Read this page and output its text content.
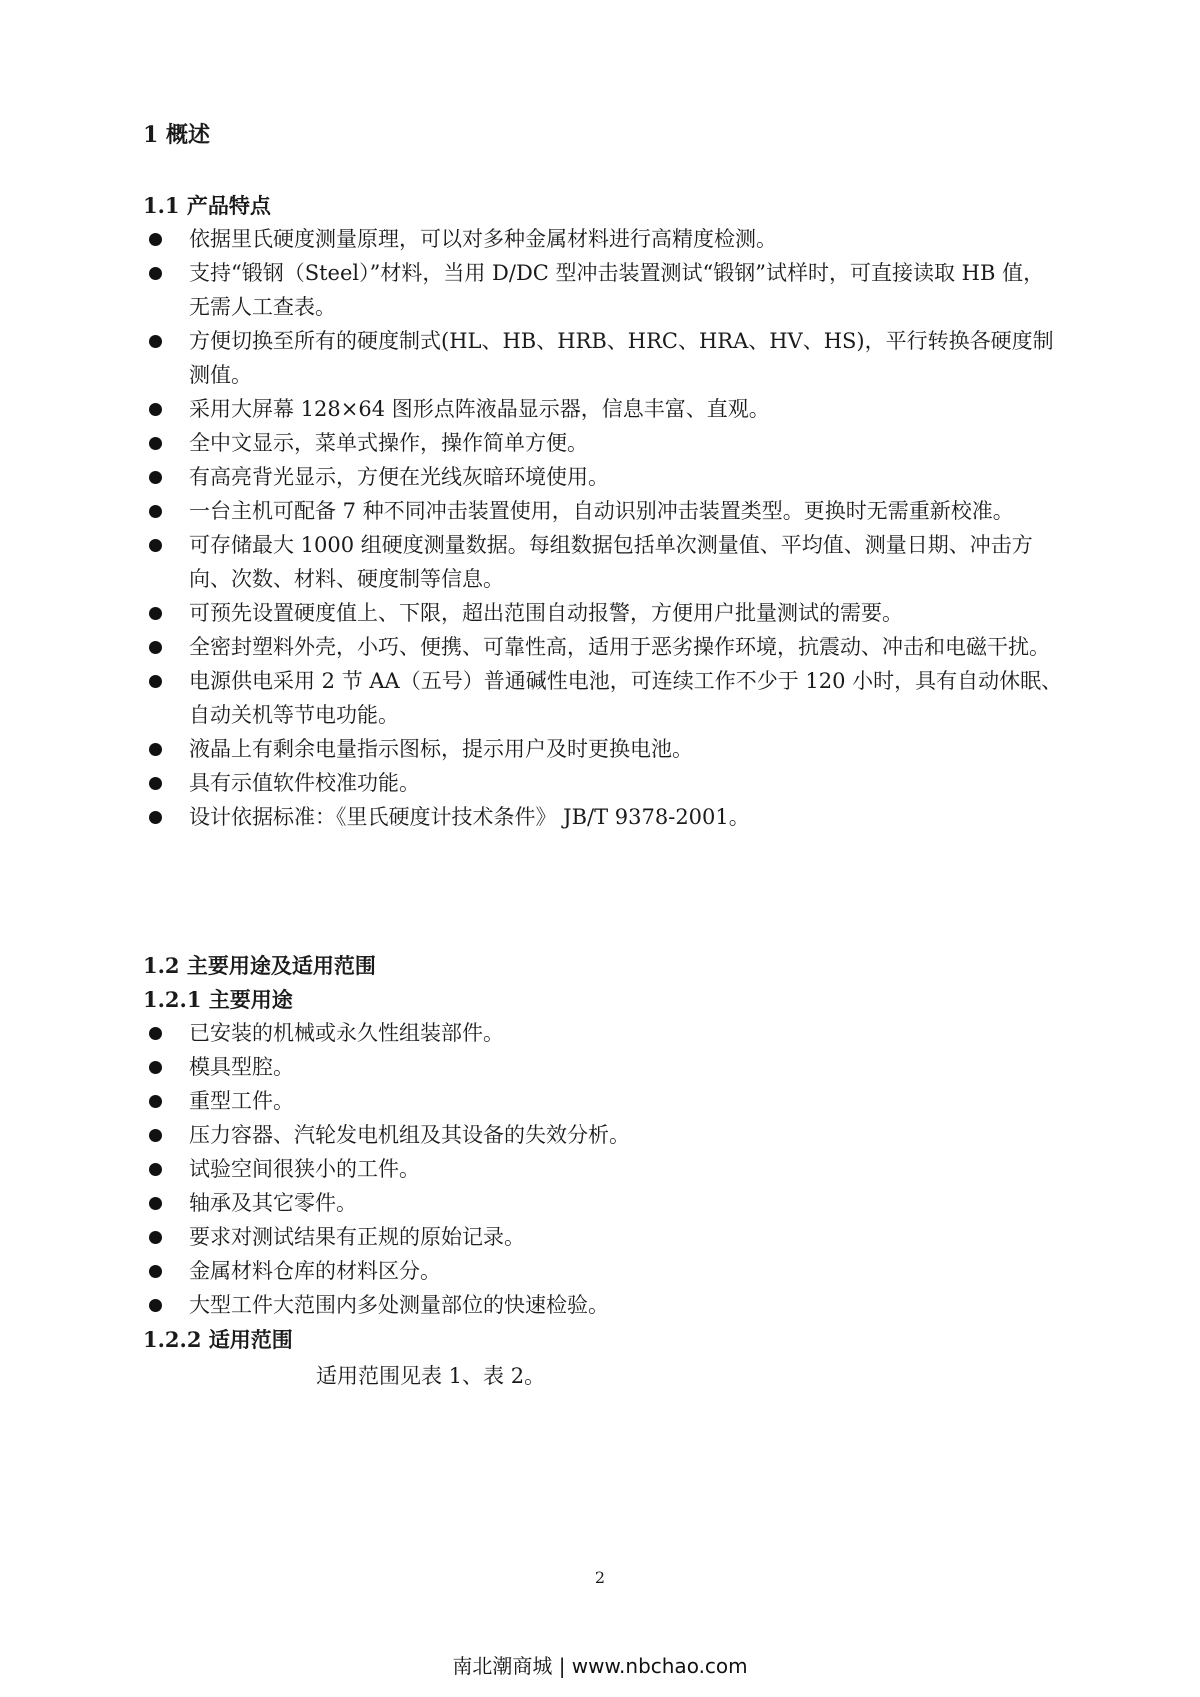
1 概述
1.1 产品特点
依据里氏硬度测量原理，可以对多种金属材料进行高精度检测。
支持“锻钢（Steel）”材料，当用 D/DC 型冲击装置测试“锻钢”试样时，可直接读取 HB 值，无需人工查表。
方便切换至所有的硬度制式(HL、HB、HRB、HRC、HRA、HV、HS)，平行转换各硬度制测值。
采用大屏幕 128×64 图形点阵液晶显示器，信息丰富、直观。
全中文显示，菜单式操作，操作简单方便。
有高亮背光显示，方便在光线灰暗环境使用。
一台主机可配备 7 种不同冲击装置使用，自动识别冲击装置类型。更换时无需重新校准。
可存储最大 1000 组硬度测量数据。每组数据包括单次测量值、平均值、测量日期、冲击方向、次数、材料、硬度制等信息。
可预先设置硬度值上、下限，超出范围自动报警，方便用户批量测试的需要。
全密封塑料外壳，小巧、便携、可靠性高，适用于恶劣操作环境，抗震动、冲击和电磁干扰。
电源供电采用 2 节 AA（五号）普通碱性电池，可连续工作不少于 120 小时，具有自动休眠、自动关机等节电功能。
液晶上有剩余电量指示图标，提示用户及时更换电池。
具有示值软件校准功能。
设计依据标准：《里氏硬度计技术条件》 JB/T 9378-2001。
1.2 主要用途及适用范围
1.2.1 主要用途
已安装的机械或永久性组装部件。
模具型腔。
重型工件。
压力容器、汽轮发电机组及其设备的失效分析。
试验空间很狭小的工件。
轴承及其它零件。
要求对测试结果有正规的原始记录。
金属材料仓库的材料区分。
大型工件大范围内多处测量部位的快速检验。
1.2.2 适用范围
适用范围见表 1、表 2。
2
南北潮商城 | www.nbchao.com
